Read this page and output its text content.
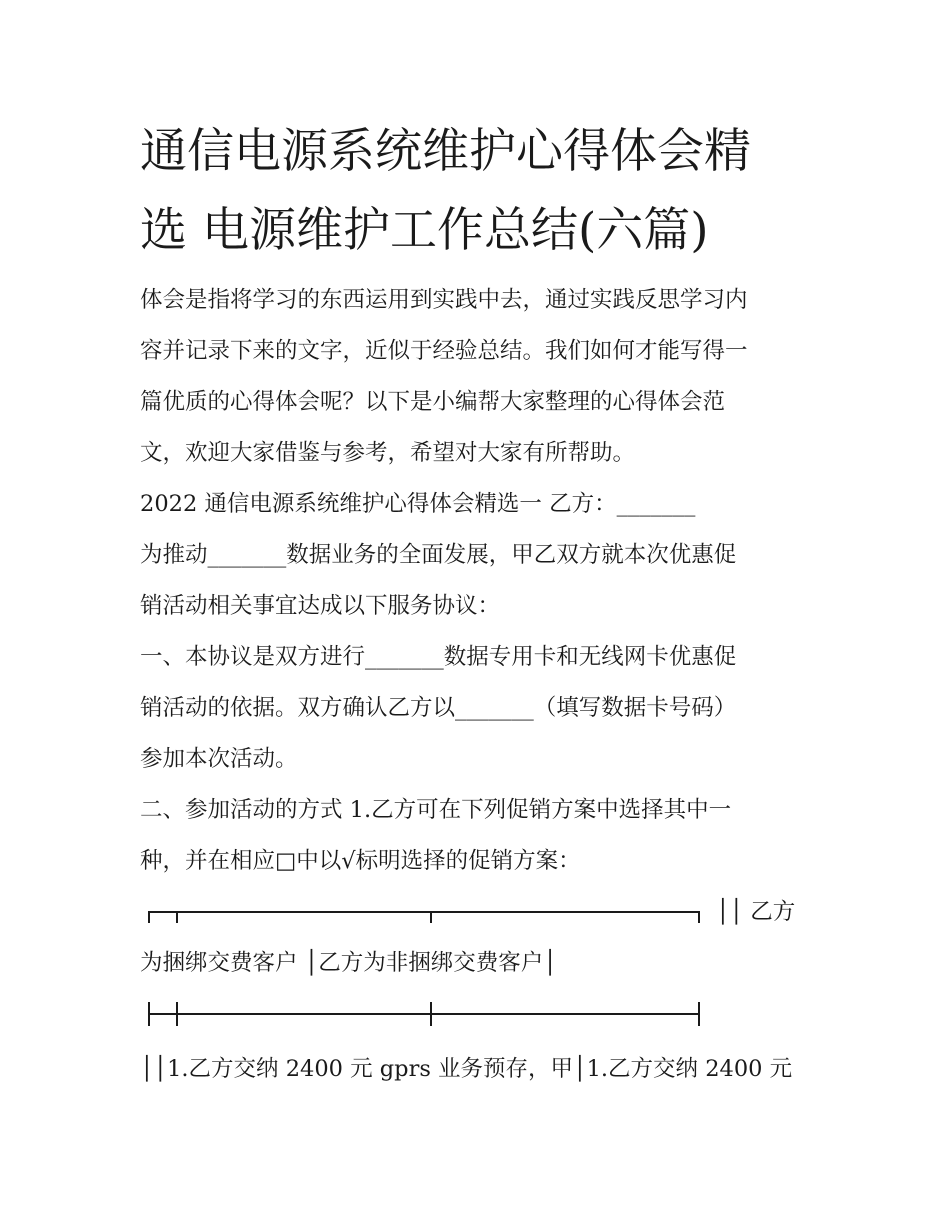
通信电源系统维护心得体会精
选 电源维护工作总结(六篇)

体会是指将学习的东西运用到实践中去，通过实践反思学习内
容并记录下来的文字，近似于经验总结。我们如何才能写得一
篇优质的心得体会呢？以下是小编帮大家整理的心得体会范
文，欢迎大家借鉴与参考，希望对大家有所帮助。

2022 通信电源系统维护心得体会精选一 乙方：_______
为推动_______数据业务的全面发展，甲乙双方就本次优惠促
销活动相关事宜达成以下服务协议：
一、本协议是双方进行_______数据专用卡和无线网卡优惠促
销活动的依据。双方确认乙方以_______（填写数据卡号码）
参加本次活动。
二、参加活动的方式 1.乙方可在下列促销方案中选择其中一
种，并在相应□中以√标明选择的促销方案：

││ 乙方
为捆绑交费客户 │乙方为非捆绑交费客户│
││1.乙方交纳 2400 元 gprs 业务预存，甲│1.乙方交纳 2400 元
